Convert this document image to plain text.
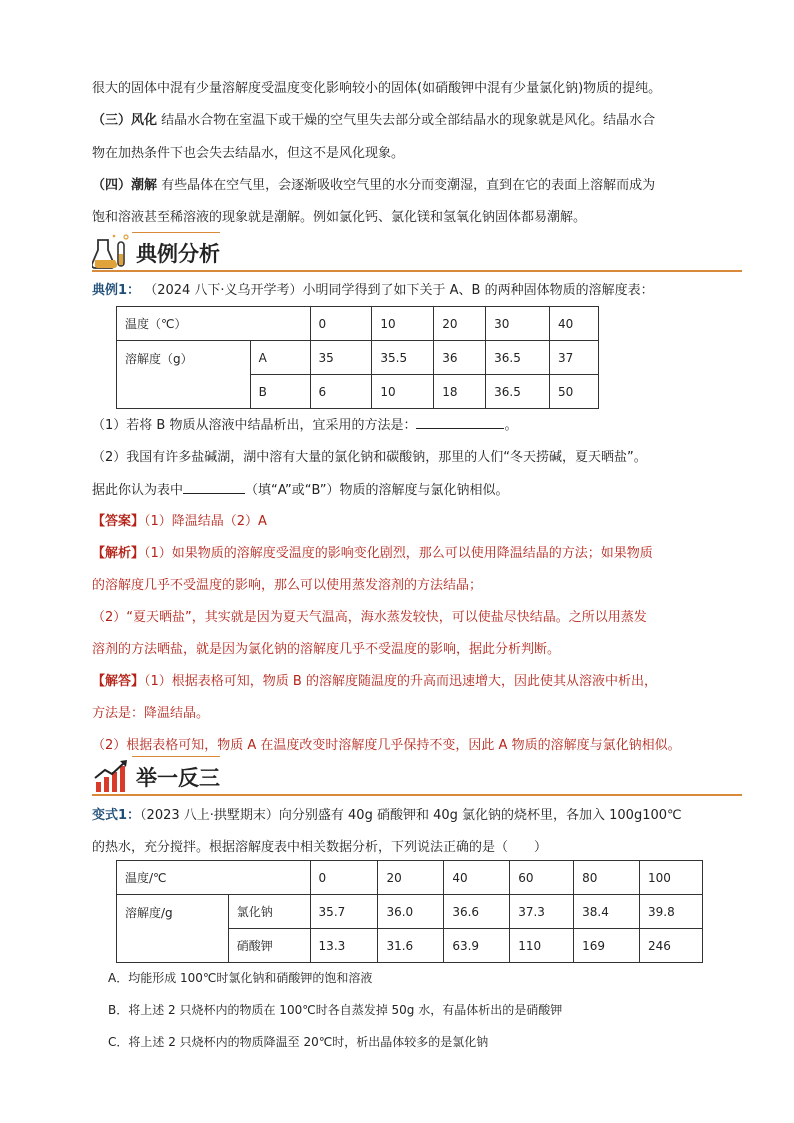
很大的固体中混有少量溶解度受温度变化影响较小的固体(如硝酸钾中混有少量氯化钠)物质的提纯。
（三）风化 结晶水合物在室温下或干燥的空气里失去部分或全部结晶水的现象就是风化。结晶水合
物在加热条件下也会失去结晶水，但这不是风化现象。
（四）潮解 有些晶体在空气里，会逐渐吸收空气里的水分而变潮湿，直到在它的表面上溶解而成为
饱和溶液甚至稀溶液的现象就是潮解。例如氯化钙、氯化镁和氢氧化钠固体都易潮解。
典例分析
典例1： （2024 八下·义乌开学考）小明同学得到了如下关于 A、B 的两种固体物质的溶解度表：
温度（℃）		0	10	20	30	40
溶解度（g）	A	35	35.5	36	36.5	37
	B	6	10	18	36.5	50
（1）若将 B 物质从溶液中结晶析出，宜采用的方法是：	。
（2）我国有许多盐碱湖，湖中溶有大量的氯化钠和碳酸钠，那里的人们“冬天捞碱，夏天晒盐”。
据此你认为表中	（填“A”或“B”）物质的溶解度与氯化钠相似。
【答案】（1）降温结晶（2）A
【解析】（1）如果物质的溶解度受温度的影响变化剧烈，那么可以使用降温结晶的方法；如果物质
的溶解度几乎不受温度的影响，那么可以使用蒸发溶剂的方法结晶；
（2）“夏天晒盐”，其实就是因为夏天气温高，海水蒸发较快，可以使盐尽快结晶。之所以用蒸发
溶剂的方法晒盐，就是因为氯化钠的溶解度几乎不受温度的影响，据此分析判断。
【解答】（1）根据表格可知，物质 B 的溶解度随温度的升高而迅速增大，因此使其从溶液中析出，
方法是：降温结晶。
（2）根据表格可知，物质 A 在温度改变时溶解度几乎保持不变，因此 A 物质的溶解度与氯化钠相似。
举一反三
变式1：（2023 八上·拱墅期末）向分别盛有 40g 硝酸钾和 40g 氯化钠的烧杯里，各加入 100g100℃
的热水，充分搅拌。根据溶解度表中相关数据分析，下列说法正确的是（　　）
温度/℃		0	20	40	60	80	100
溶解度/g	氯化钠	35.7	36.0	36.6	37.3	38.4	39.8
	硝酸钾	13.3	31.6	63.9	110	169	246
A．均能形成 100℃时氯化钠和硝酸钾的饱和溶液
B．将上述 2 只烧杯内的物质在 100℃时各自蒸发掉 50g 水，有晶体析出的是硝酸钾
C．将上述 2 只烧杯内的物质降温至 20℃时，析出晶体较多的是氯化钠
